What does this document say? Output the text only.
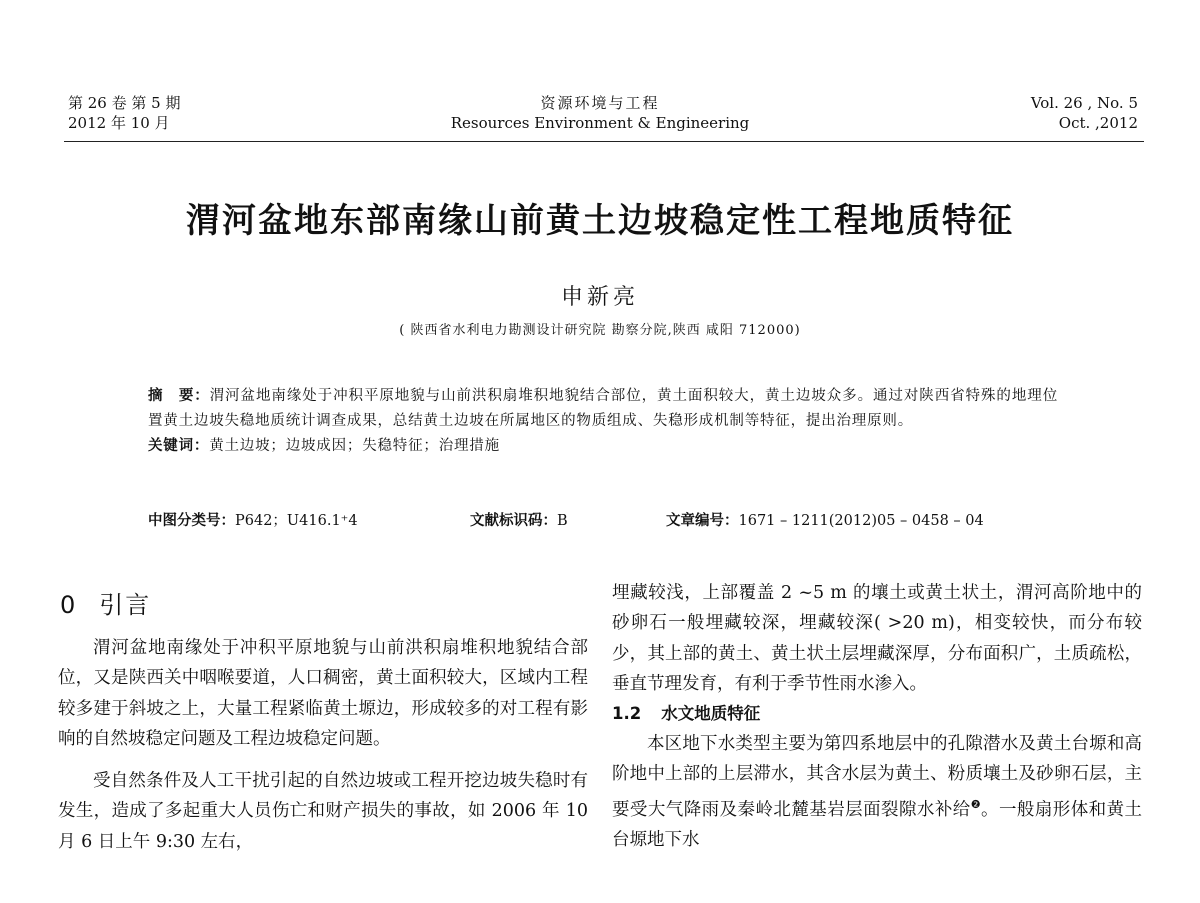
第 26 卷 第 5 期
2012 年 10 月
资源环境与工程
Resources Environment & Engineering
Vol. 26 , No. 5
Oct. ,2012
渭河盆地东部南缘山前黄土边坡稳定性工程地质特征
申新亮
( 陕西省水利电力勘测设计研究院 勘察分院,陕西 咸阳 712000)

摘　要：渭河盆地南缘处于冲积平原地貌与山前洪积扇堆积地貌结合部位，黄土面积较大，黄土边坡众多。通过对陕西省特殊的地理位置黄土边坡失稳地质统计调查成果，总结黄土边坡在所属地区的物质组成、失稳形成机制等特征，提出治理原则。

关键词：黄土边坡；边坡成因；失稳特征；治理措施

中图分类号：P642；U416.1⁺4	文献标识码：B	文章编号：1671 – 1211(2012)05 – 0458 – 04
0 引言

渭河盆地南缘处于冲积平原地貌与山前洪积扇堆积地貌结合部位，又是陕西关中咽喉要道，人口稠密，黄土面积较大，区域内工程较多建于斜坡之上，大量工程紧临黄土塬边，形成较多的对工程有影响的自然坡稳定问题及工程边坡稳定问题。

受自然条件及人工干扰引起的自然边坡或工程开挖边坡失稳时有发生，造成了多起重大人员伤亡和财产损失的事故，如 2006 年 10 月 6 日上午 9:30 左右，

埋藏较浅，上部覆盖 2 ~5 m 的壤土或黄土状土，渭河高阶地中的砂卵石一般埋藏较深，埋藏较深( >20 m)，相变较快，而分布较少，其上部的黄土、黄土状土层埋藏深厚，分布面积广，土质疏松，垂直节理发育，有利于季节性雨水渗入。

1.2 水文地质特征

本区地下水类型主要为第四系地层中的孔隙潜水及黄土台塬和高阶地中上部的上层滞水，其含水层为黄土、粉质壤土及砂卵石层，主要受大气降雨及秦岭北麓基岩层面裂隙水补给$^❷$。一般扇形体和黄土台塬地下水
